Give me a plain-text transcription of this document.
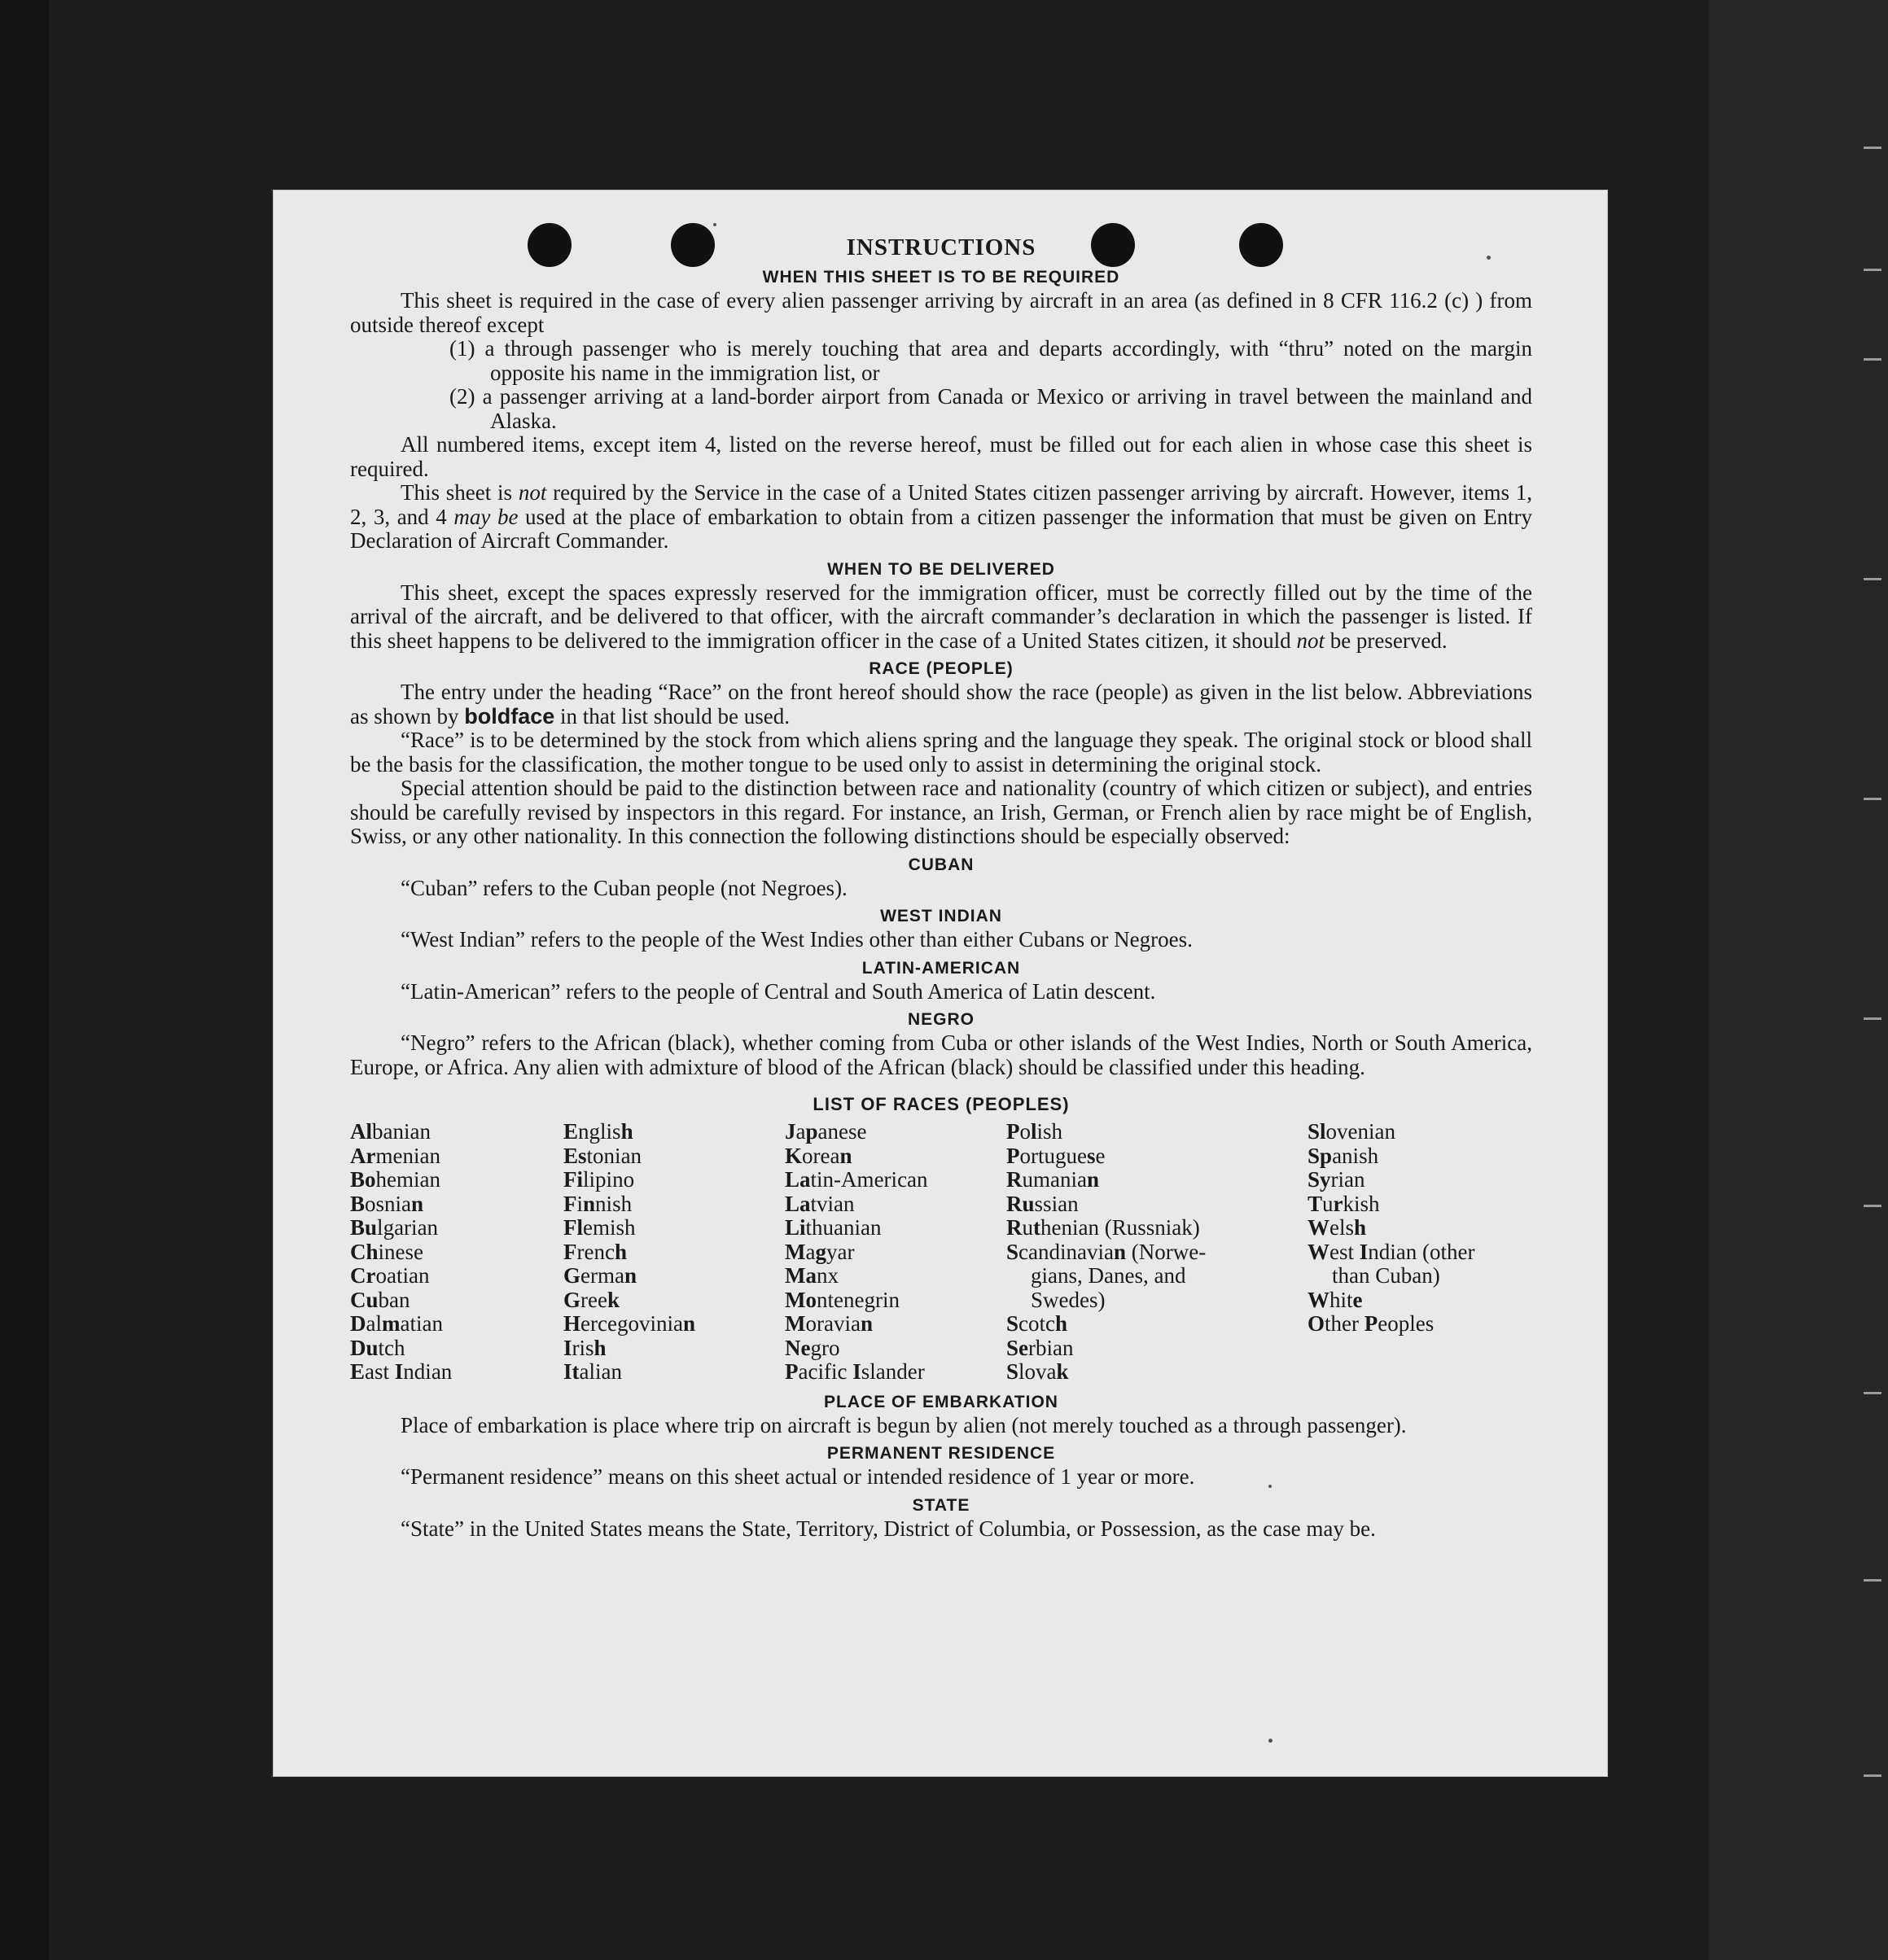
INSTRUCTIONS
WHEN THIS SHEET IS TO BE REQUIRED

This sheet is required in the case of every alien passenger arriving by aircraft in an area (as defined in 8 CFR 116.2 (c) ) from outside thereof except

(1) a through passenger who is merely touching that area and departs accordingly, with “thru” noted on the margin opposite his name in the immigration list, or

(2) a passenger arriving at a land-border airport from Canada or Mexico or arriving in travel between the mainland and Alaska.

All numbered items, except item 4, listed on the reverse hereof, must be filled out for each alien in whose case this sheet is required.

This sheet is not required by the Service in the case of a United States citizen passenger arriving by aircraft. However, items 1, 2, 3, and 4 may be used at the place of embarkation to obtain from a citizen passenger the information that must be given on Entry Declaration of Aircraft Commander.

WHEN TO BE DELIVERED

This sheet, except the spaces expressly reserved for the immigration officer, must be correctly filled out by the time of the arrival of the aircraft, and be delivered to that officer, with the aircraft commander’s declaration in which the passenger is listed. If this sheet happens to be delivered to the immigration officer in the case of a United States citizen, it should not be preserved.

RACE (PEOPLE)

The entry under the heading “Race” on the front hereof should show the race (people) as given in the list below. Abbreviations as shown by boldface in that list should be used.

“Race” is to be determined by the stock from which aliens spring and the language they speak. The original stock or blood shall be the basis for the classification, the mother tongue to be used only to assist in determining the original stock.

Special attention should be paid to the distinction between race and nationality (country of which citizen or subject), and entries should be carefully revised by inspectors in this regard. For instance, an Irish, German, or French alien by race might be of English, Swiss, or any other nationality. In this connection the following distinctions should be especially observed:

CUBAN

“Cuban” refers to the Cuban people (not Negroes).

WEST INDIAN

“West Indian” refers to the people of the West Indies other than either Cubans or Negroes.

LATIN-AMERICAN

“Latin-American” refers to the people of Central and South America of Latin descent.

NEGRO

“Negro” refers to the African (black), whether coming from Cuba or other islands of the West Indies, North or South America, Europe, or Africa. Any alien with admixture of blood of the African (black) should be classified under this heading.

LIST OF RACES (PEOPLES)
Albanian
Armenian
Bohemian
Bosnian
Bulgarian
Chinese
Croatian
Cuban
Dalmatian
Dutch
East Indian
English
Estonian
Filipino
Finnish
Flemish
French
German
Greek
Hercegovinian
Irish
Italian
Japanese
Korean
Latin-American
Latvian
Lithuanian
Magyar
Manx
Montenegrin
Moravian
Negro
Pacific Islander
Polish
Portuguese
Rumanian
Russian
Ruthenian (Russniak)
Scandinavian (Norwe-
gians, Danes, and
Swedes)
Scotch
Serbian
Slovak
Slovenian
Spanish
Syrian
Turkish
Welsh
West Indian (other
than Cuban)
White
Other Peoples
PLACE OF EMBARKATION

Place of embarkation is place where trip on aircraft is begun by alien (not merely touched as a through passenger).

PERMANENT RESIDENCE

“Permanent residence” means on this sheet actual or intended residence of 1 year or more.

STATE

“State” in the United States means the State, Territory, District of Columbia, or Possession, as the case may be.
